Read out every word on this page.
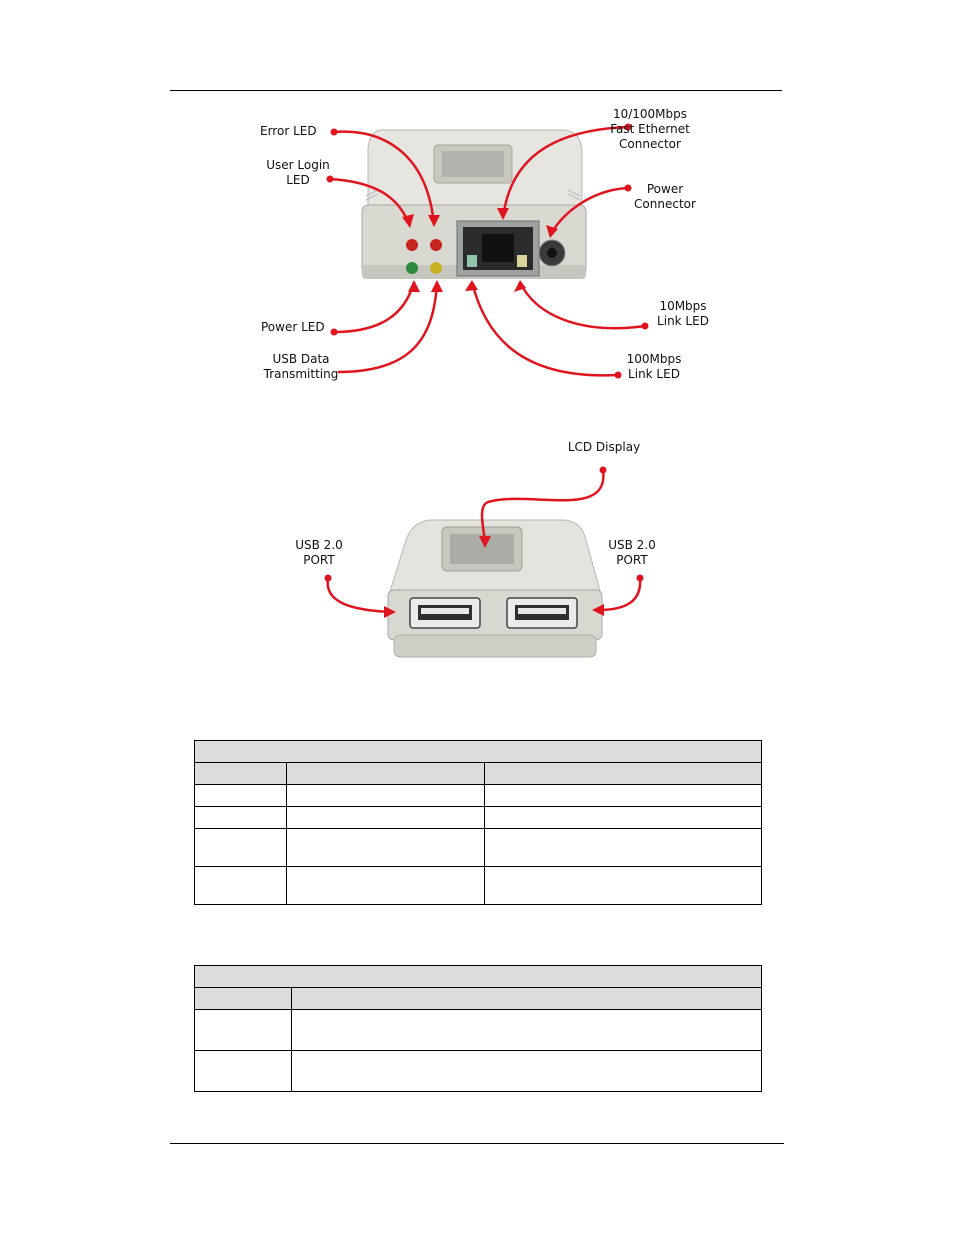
Error LED
User Login
LED
10/100Mbps
Fast Ethernet
Connector
Power
Connector
Power LED
USB Data
Transmitting
10Mbps
Link LED
100Mbps
Link LED
LCD Display
USB 2.0
PORT
USB 2.0
PORT
